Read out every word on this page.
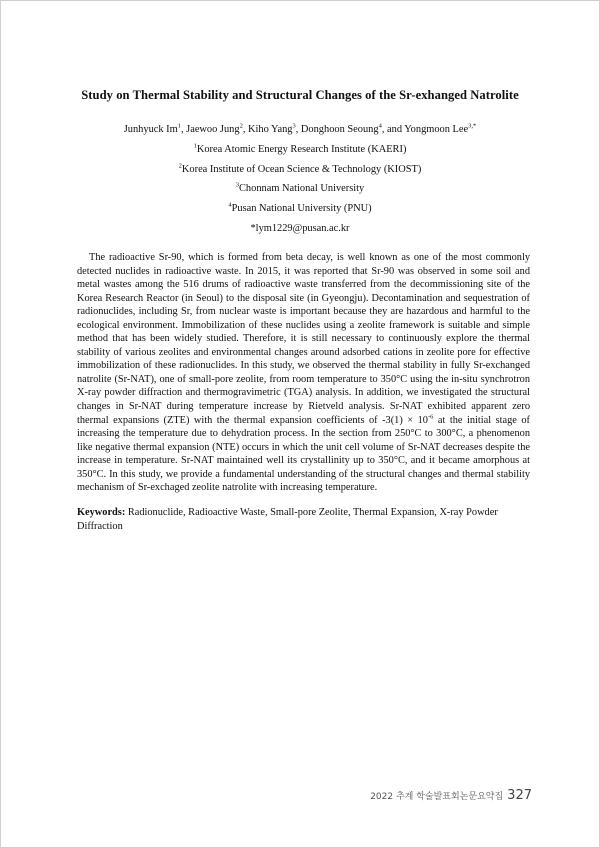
Study on Thermal Stability and Structural Changes of the Sr-exhanged Natrolite
Junhyuck Im$^1$, Jaewoo Jung$^2$, Kiho Yang$^3$, Donghoon Seoung$^4$, and Yongmoon Lee$^{3,*}$
$^1$Korea Atomic Energy Research Institute (KAERI)
$^2$Korea Institute of Ocean Science & Technology (KIOST)
$^3$Chonnam National University
$^4$Pusan National University (PNU)
*lym1229@pusan.ac.kr

The radioactive Sr-90, which is formed from beta decay, is well known as one of the most commonly detected nuclides in radioactive waste. In 2015, it was reported that Sr-90 was observed in some soil and metal wastes among the 516 drums of radioactive waste transferred from the decommissioning site of the Korea Research Reactor (in Seoul) to the disposal site (in Gyeongju). Decontamination and sequestration of radionuclides, including Sr, from nuclear waste is important because they are hazardous and harmful to the ecological environment. Immobilization of these nuclides using a zeolite framework is suitable and simple method that has been widely studied. Therefore, it is still necessary to continuously explore the thermal stability of various zeolites and environmental changes around adsorbed cations in zeolite pore for effective immobilization of these radionuclides. In this study, we observed the thermal stability in fully Sr-exchanged natrolite (Sr-NAT), one of small-pore zeolite, from room temperature to 350°C using the in-situ synchrotron X-ray powder diffraction and thermogravimetric (TGA) analysis. In addition, we investigated the structural changes in Sr-NAT during temperature increase by Rietveld analysis. Sr-NAT exhibited apparent zero thermal expansions (ZTE) with the thermal expansion coefficients of $-3(1) \times 10^{-6}$ at the initial stage of increasing the temperature due to dehydration process. In the section from 250°C to 300°C, a phenomenon like negative thermal expansion (NTE) occurs in which the unit cell volume of Sr-NAT decreases despite the increase in temperature. Sr-NAT maintained well its crystallinity up to 350°C, and it became amorphous at 350°C. In this study, we provide a fundamental understanding of the structural changes and thermal stability mechanism of Sr-exchaged zeolite natrolite with increasing temperature.

Keywords: Radionuclide, Radioactive Waste, Small-pore Zeolite, Thermal Expansion, X-ray Powder Diffraction

2022 추계 학술발표회논문요약집 327
